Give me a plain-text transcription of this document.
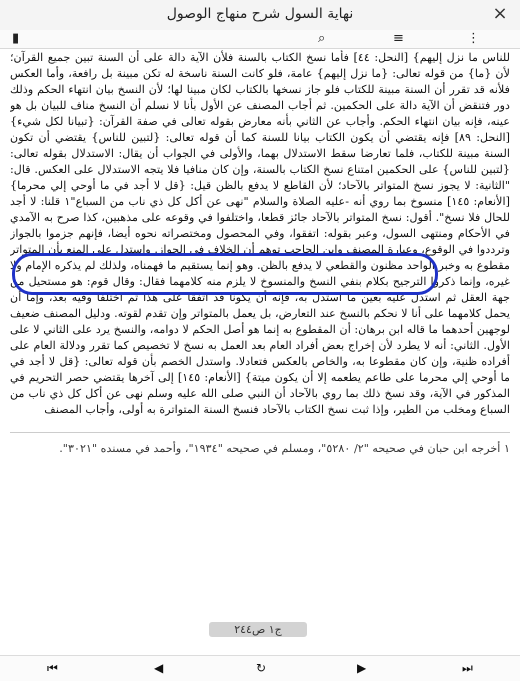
نهاية السول شرح منهاج الوصول	×
▮	⌕	≡	⋮

للناس ما نزل إليهم} [النحل: ٤٤] فأما نسخ الكتاب بالسنة فلأن الآية دالة على أن السنة تبين جميع القرآن؛ لأن {ما} من قوله تعالى: {ما نزل إليهم} عامة، فلو كانت السنة ناسخة له تكن مبينة بل رافعة، وأما العكس فلأنه قد تقرر أن السنة مبينة للكتاب فلو جاز نسخها بالكتاب لكان مبينا لها؛ لأن النسخ بيان انتهاء الحكم وذلك دور فتنقض أن الآية دالة على الحكمين. ثم أجاب المصنف عن الأول بأنا لا نسلم أن النسخ مناف للبيان بل هو عينه، فإنه بيان انتهاء الحكم. وأجاب عن الثاني بأنه معارض بقوله تعالى في صفة القرآن: {تبيانا لكل شيء} [النحل: ٨٩] فإنه يقتضي أن يكون الكتاب بيانا للسنة كما أن قوله تعالى: {لتبين للناس} يقتضي أن تكون السنة مبينة للكتاب، فلما تعارضا سقط الاستدلال بهما، والأولى في الجواب أن يقال: الاستدلال بقوله تعالى: {لتبين للناس} على الحكمين امتناع نسخ الكتاب بالسنة، وإن كان منافيا فلا يتجه الاستدلال على العكس. قال: "الثانية: لا يجوز نسخ المتواتر بالآحاد؛ لأن القاطع لا يدفع بالظن قيل: {قل لا أجد في ما أوحي إلي محرما} [الأنعام: ١٤٥] منسوخ بما روي أنه -عليه الصلاة والسلام "نهى عن أكل كل ذي ناب من السباع"١ قلنا: لا أجد للحال فلا نسخ". أقول: نسخ المتواتر بالآحاد جائز قطعا، واختلفوا في وقوعه على مذهبين، كذا صرح به الآمدي في الأحكام ومنتهى السول، وعبر بقوله: اتفقوا، وفي المحصول ومختصراته نحوه أيضا، فإنهم جزموا بالجواز وترددوا في الوقوع، وعبارة المصنف وابن الحاجب توهم أن الخلاف في الجواز. واستدل على المنع بأن المتواتر مقطوع به وخبر الواحد مظنون والقطعي لا يدفع بالظن. وهو إنما يستقيم ما فهمناه، ولذلك لم يذكره الإمام ولا غيره، وإنما ذكروا الترجيح بكلام بنفي النسخ والمنسوخ لا يلزم منه كلامهما فقال: وقال قوم: هو مستحيل من جهة العقل ثم استدل عليه بعين ما استدل به، فإنه أن يكونا قد اتفقا على هذا ثم اختلفا وفيه بعد، وإما أن يحمل كلامهما على أنا لا نحكم بالنسخ عند التعارض، بل يعمل بالمتواتر وإن تقدم لقوته. ودليل المصنف ضعيف لوجهين أحدهما ما قاله ابن برهان: أن المقطوع به إنما هو أصل الحكم لا دوامه، والنسخ يرد على الثاني لا على الأول. الثاني: أنه لا يطرد لأن إخراج بعض أفراد العام بعد العمل به نسخ لا تخصيص كما تقرر ودلالة العام على أفراده ظنية، وإن كان مقطوعا به، والخاص بالعكس فتعادلا. واستدل الخصم بأن قوله تعالى: {قل لا أجد في ما أوحي إلي محرما على طاعم يطعمه إلا أن يكون ميتة} [الأنعام: ١٤٥] إلى آخرها يقتضي حصر التحريم في المذكور في الآية، وقد نسخ ذلك بما روي بالآحاد أن النبي صلى الله عليه وسلم نهى عن أكل كل ذي ناب من السباع ومخلب من الطير، وإذا ثبت نسخ الكتاب بالآحاد فنسخ السنة المتواترة به أولى، وأجاب المصنف

١ أخرجه ابن حبان في صحيحه "٢/ ٥٢٨٠"، ومسلم في صحيحه "١٩٣٤"، وأحمد في مسنده "٣٠٢١".

ج١ ص٢٤٤
⏮	◀	↻	▶	⏭
